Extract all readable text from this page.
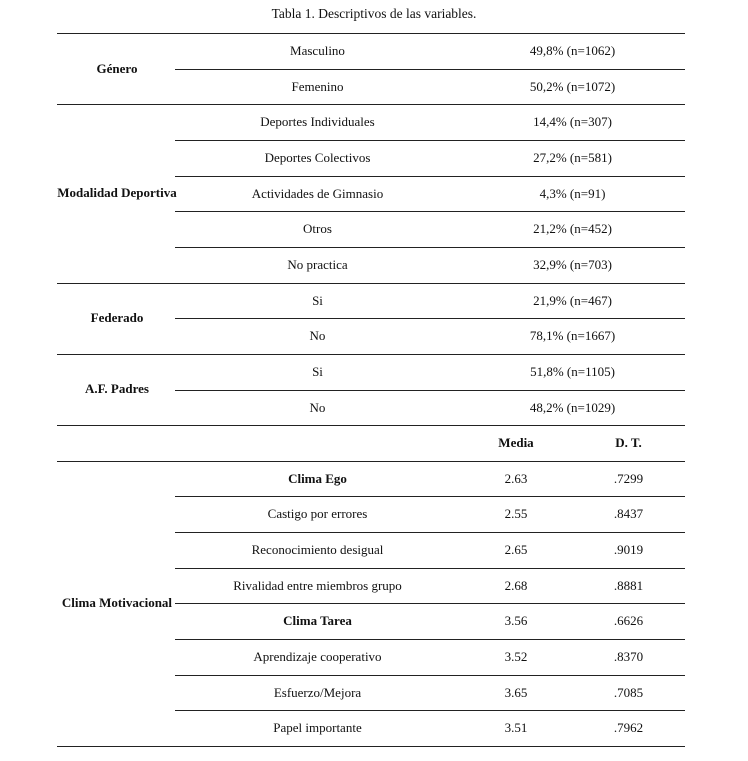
Tabla 1. Descriptivos de las variables.
Género
Masculino	49,8% (n=1062)
Femenino	50,2% (n=1072)
Modalidad Deportiva
Deportes Individuales	14,4% (n=307)
Deportes Colectivos	27,2% (n=581)
Actividades de Gimnasio	4,3% (n=91)
Otros	21,2% (n=452)
No practica	32,9% (n=703)
Federado
Si	21,9% (n=467)
No	78,1% (n=1667)
A.F. Padres
Si	51,8% (n=1105)
No	48,2% (n=1029)
Media	D. T.
Clima Motivacional
Clima Ego	2.63	.7299
Castigo por errores	2.55	.8437
Reconocimiento desigual	2.65	.9019
Rivalidad entre miembros grupo	2.68	.8881
Clima Tarea	3.56	.6626
Aprendizaje cooperativo	3.52	.8370
Esfuerzo/Mejora	3.65	.7085
Papel importante	3.51	.7962
